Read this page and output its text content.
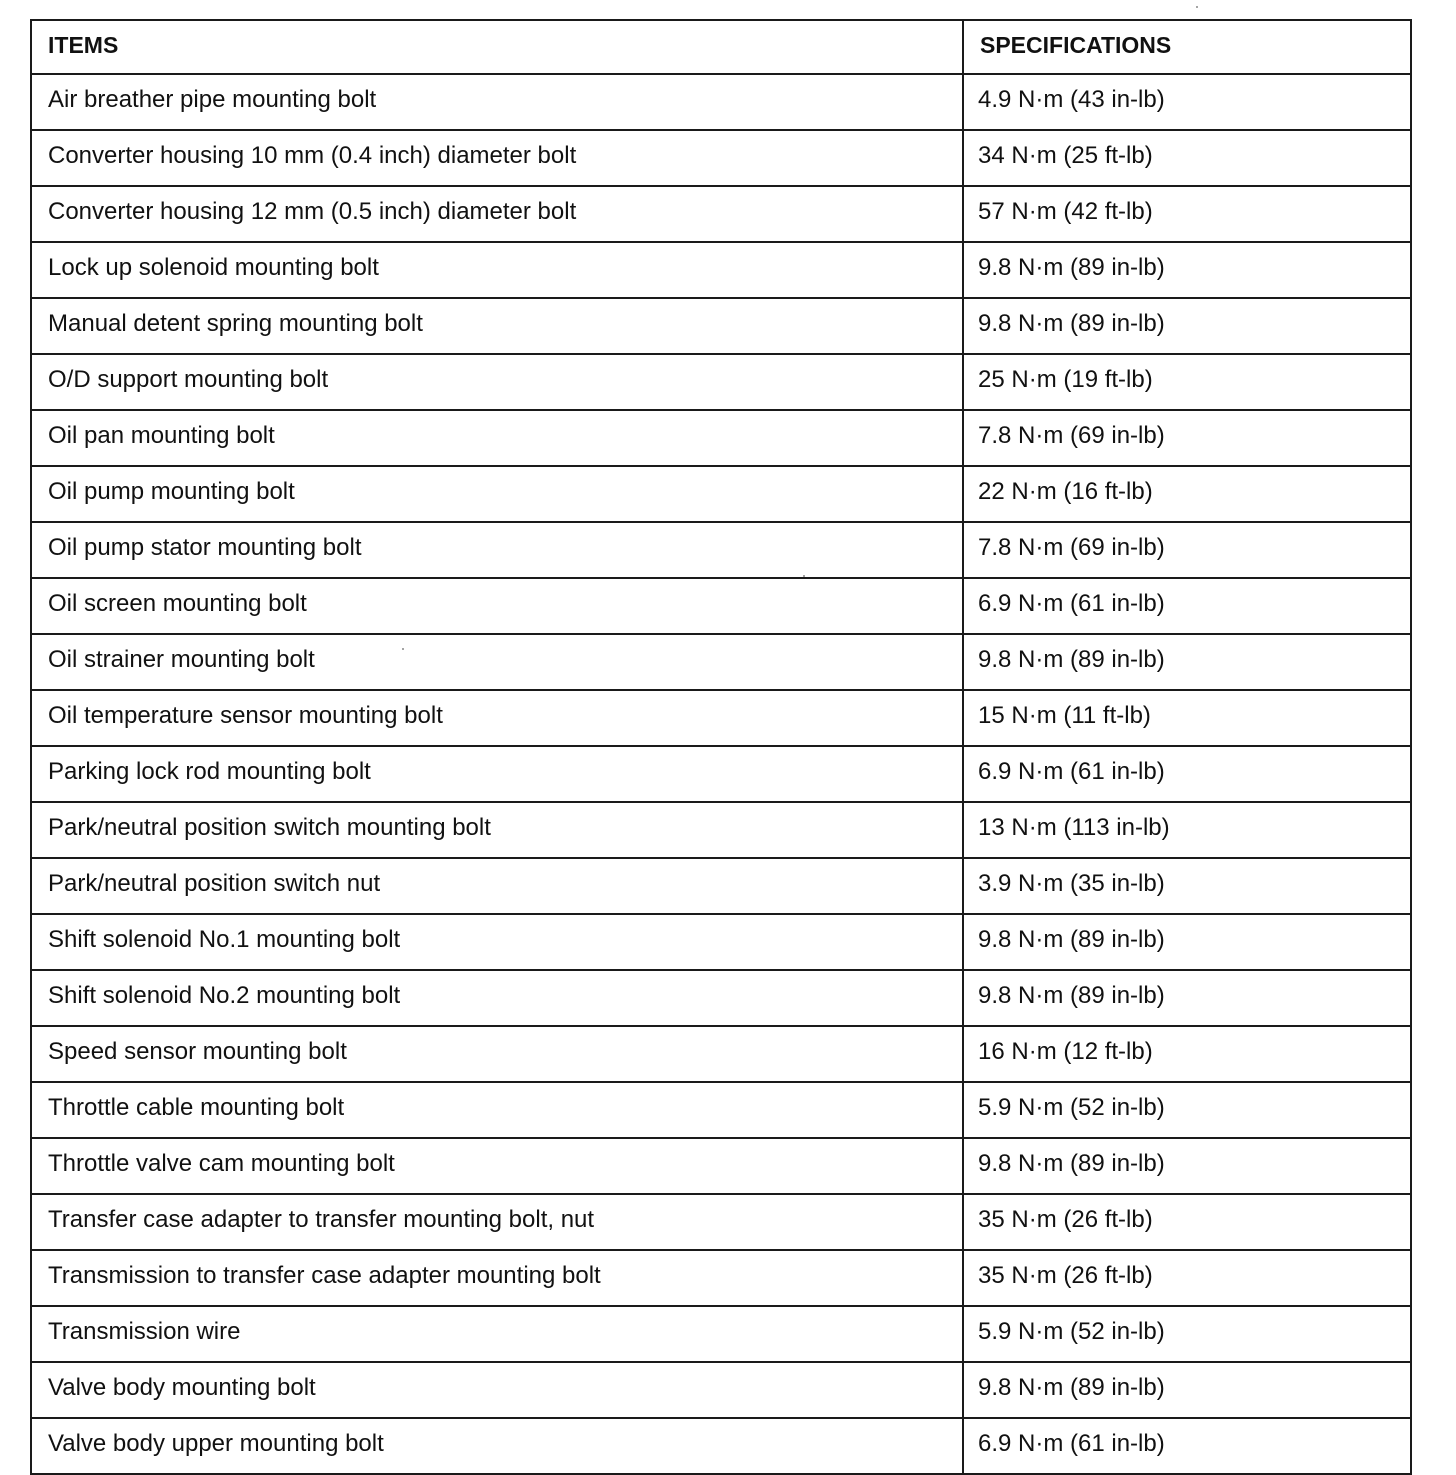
ITEMS	SPECIFICATIONS
Air breather pipe mounting bolt	4.9 N·m (43 in-lb)
Converter housing 10 mm (0.4 inch) diameter bolt	34 N·m (25 ft-lb)
Converter housing 12 mm (0.5 inch) diameter bolt	57 N·m (42 ft-lb)
Lock up solenoid mounting bolt	9.8 N·m (89 in-lb)
Manual detent spring mounting bolt	9.8 N·m (89 in-lb)
O/D support mounting bolt	25 N·m (19 ft-lb)
Oil pan mounting bolt	7.8 N·m (69 in-lb)
Oil pump mounting bolt	22 N·m (16 ft-lb)
Oil pump stator mounting bolt	7.8 N·m (69 in-lb)
Oil screen mounting bolt	6.9 N·m (61 in-lb)
Oil strainer mounting bolt	9.8 N·m (89 in-lb)
Oil temperature sensor mounting bolt	15 N·m (11 ft-lb)
Parking lock rod mounting bolt	6.9 N·m (61 in-lb)
Park/neutral position switch mounting bolt	13 N·m (113 in-lb)
Park/neutral position switch nut	3.9 N·m (35 in-lb)
Shift solenoid No.1 mounting bolt	9.8 N·m (89 in-lb)
Shift solenoid No.2 mounting bolt	9.8 N·m (89 in-lb)
Speed sensor mounting bolt	16 N·m (12 ft-lb)
Throttle cable mounting bolt	5.9 N·m (52 in-lb)
Throttle valve cam mounting bolt	9.8 N·m (89 in-lb)
Transfer case adapter to transfer mounting bolt, nut	35 N·m (26 ft-lb)
Transmission to transfer case adapter mounting bolt	35 N·m (26 ft-lb)
Transmission wire	5.9 N·m (52 in-lb)
Valve body mounting bolt	9.8 N·m (89 in-lb)
Valve body upper mounting bolt	6.9 N·m (61 in-lb)
